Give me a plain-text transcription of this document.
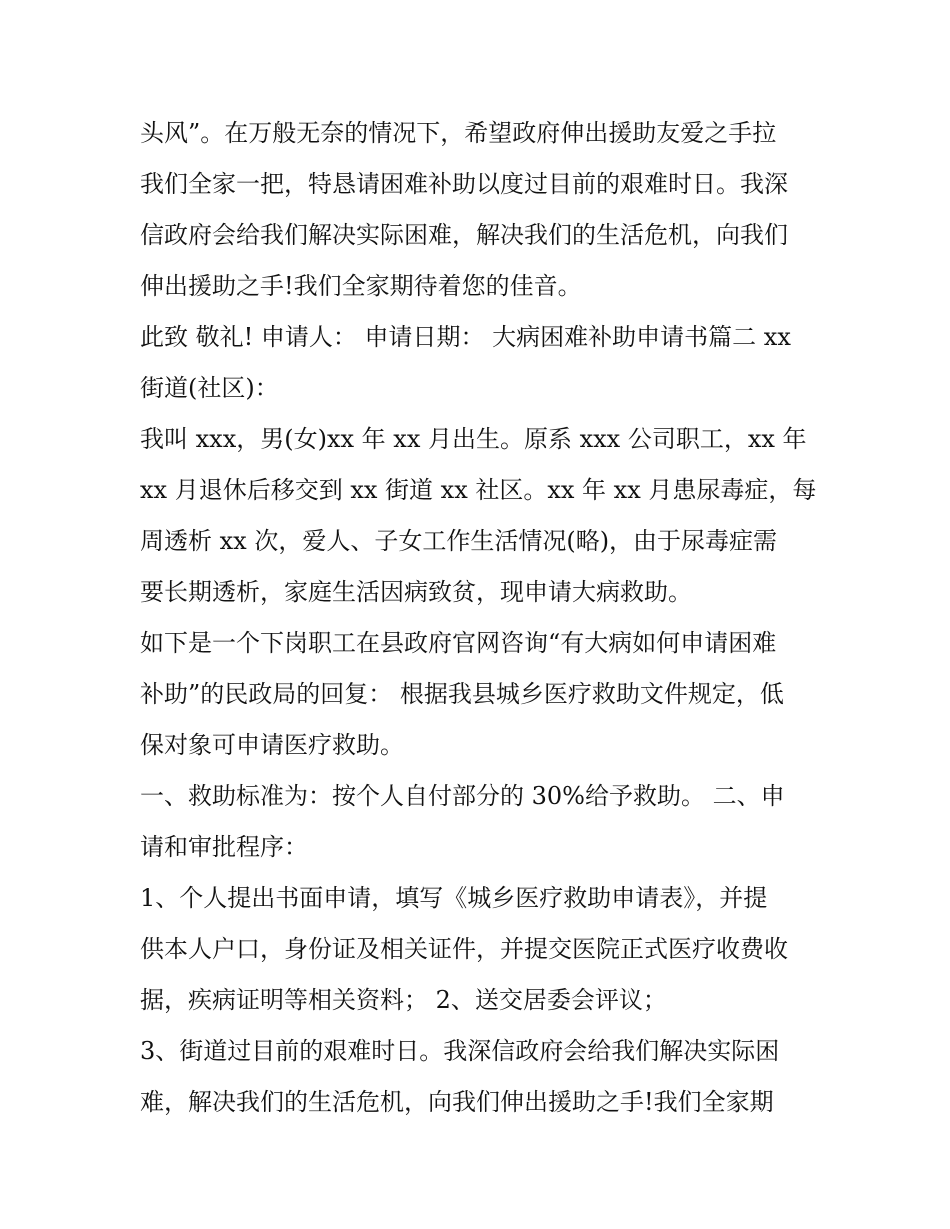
头风”。在万般无奈的情况下，希望政府伸出援助友爱之手拉
我们全家一把，特恳请困难补助以度过目前的艰难时日。我深
信政府会给我们解决实际困难，解决我们的生活危机，向我们
伸出援助之手!我们全家期待着您的佳音。
此致 敬礼! 申请人： 申请日期： 大病困难补助申请书篇二 xx
街道(社区)：
我叫 xxx，男(女)xx 年 xx 月出生。原系 xxx 公司职工，xx 年
xx 月退休后移交到 xx 街道 xx 社区。xx 年 xx 月患尿毒症，每
周透析 xx 次，爱人、子女工作生活情况(略)，由于尿毒症需
要长期透析，家庭生活因病致贫，现申请大病救助。
如下是一个下岗职工在县政府官网咨询“有大病如何申请困难
补助”的民政局的回复： 根据我县城乡医疗救助文件规定，低
保对象可申请医疗救助。
一、救助标准为：按个人自付部分的 30%给予救助。 二、申
请和审批程序：
1、个人提出书面申请，填写《城乡医疗救助申请表》，并提
供本人户口，身份证及相关证件，并提交医院正式医疗收费收
据，疾病证明等相关资料； 2、送交居委会评议；
3、街道过目前的艰难时日。我深信政府会给我们解决实际困
难，解决我们的生活危机，向我们伸出援助之手!我们全家期
